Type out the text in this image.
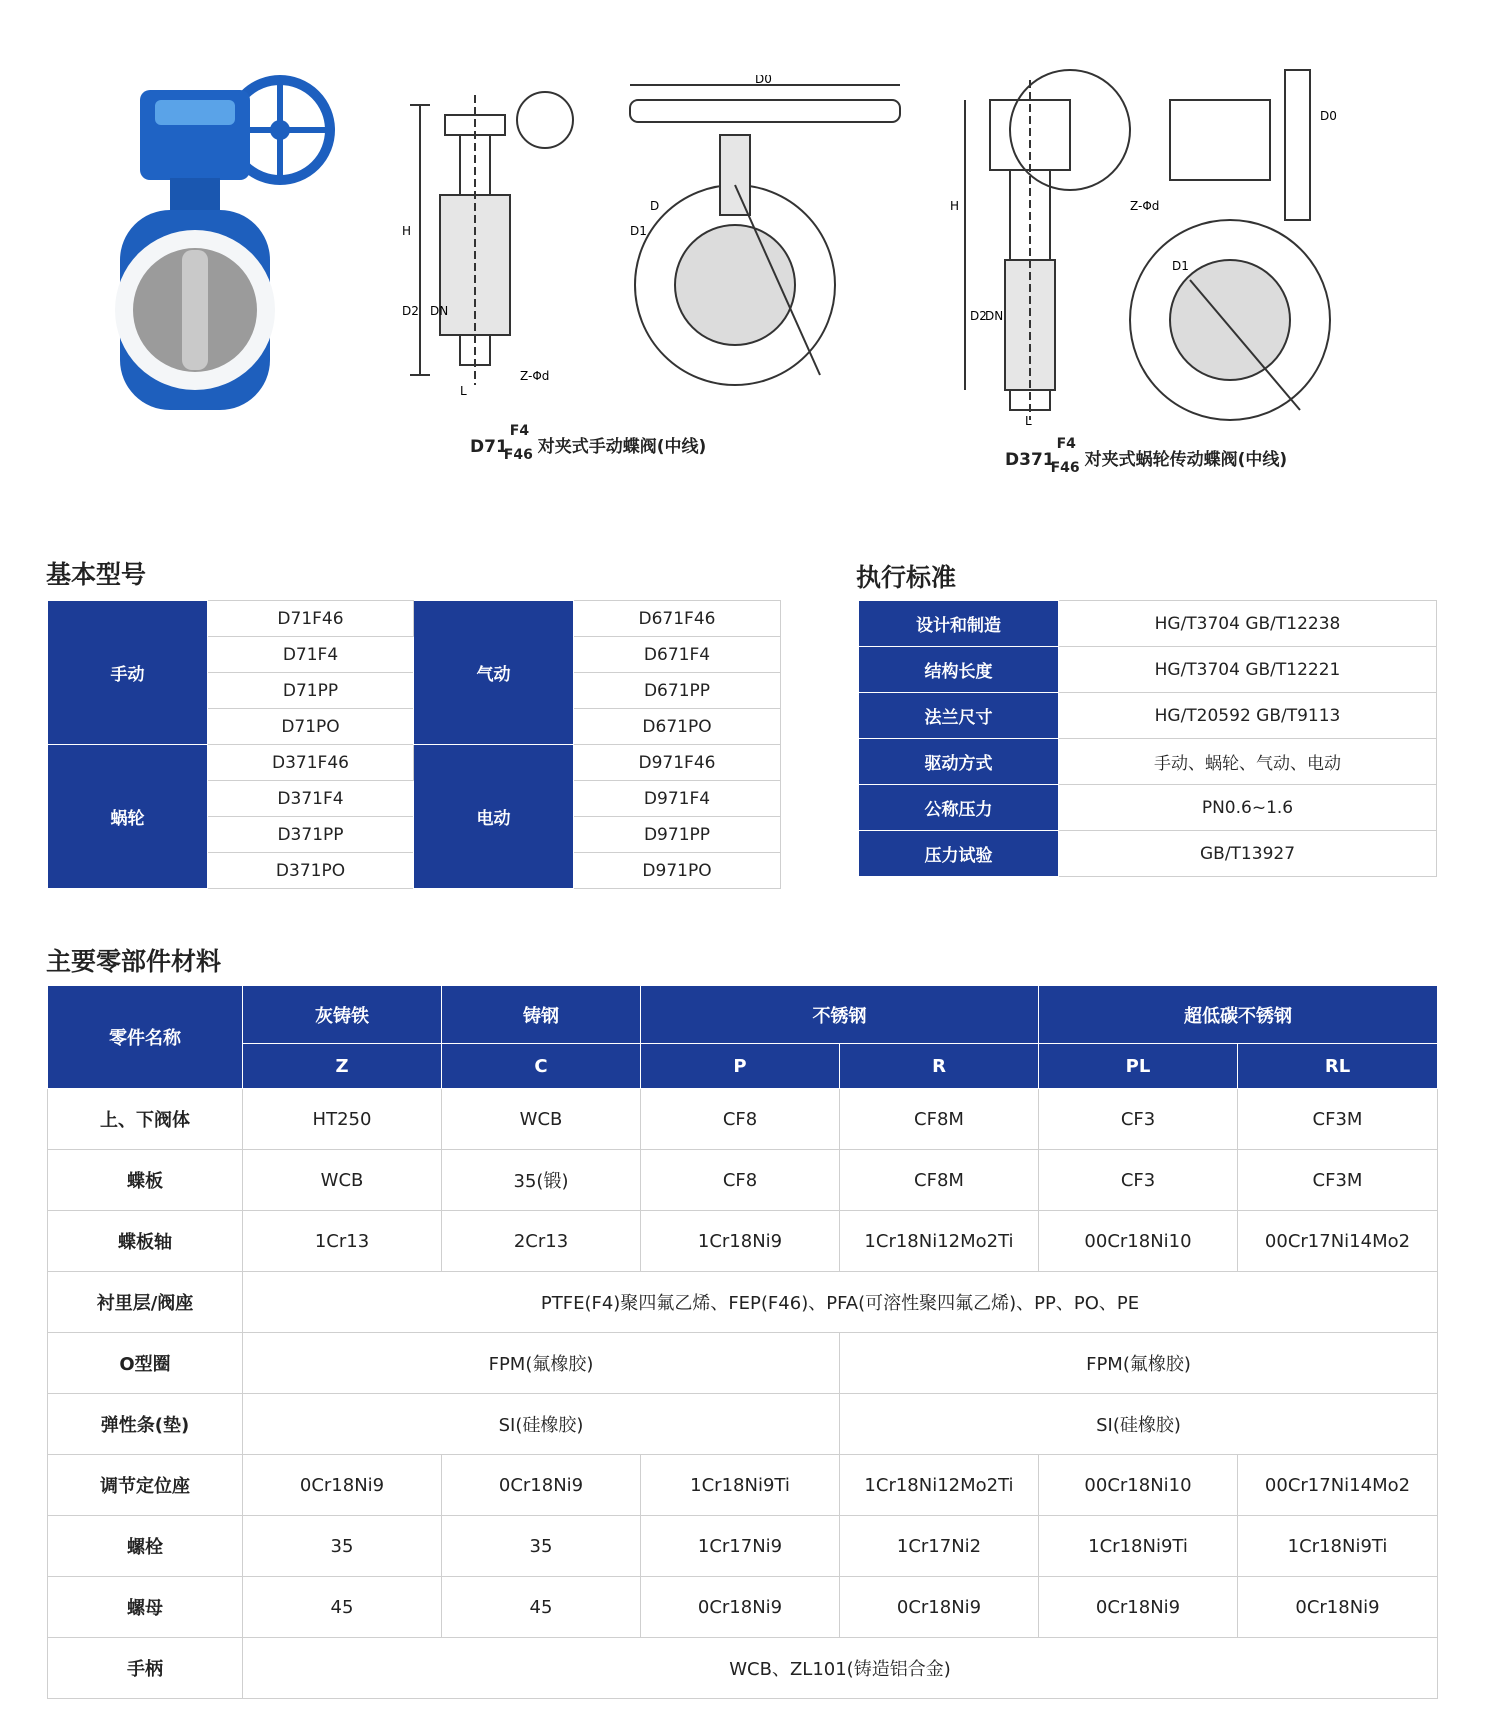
H
D2 DN
L
D0
D
D1
Z-Φd
D71
F4
F46 对夹式手动蝶阀(中线)
H
D2
DN
L
D0
D1
Z-Φd
D371
F4
F46 对夹式蜗轮传动蝶阀(中线)
基本型号
手动	D71F46	气动	D671F46
	D71F4		D671F4
	D71PP		D671PP
	D71PO		D671PO
蜗轮	D371F46	电动	D971F46
	D371F4		D971F4
	D371PP		D971PP
	D371PO		D971PO
执行标准
设计和制造	HG/T3704 GB/T12238
结构长度	HG/T3704 GB/T12221
法兰尺寸	HG/T20592 GB/T9113
驱动方式	手动、蜗轮、气动、电动
公称压力	PN0.6~1.6
压力试验	GB/T13927
主要零部件材料
零件名称	灰铸铁	铸钢	不锈钢		超低碳不锈钢	
	Z	C	P	R	PL	RL
上、下阀体	HT250	WCB	CF8	CF8M	CF3	CF3M
蝶板	WCB	35(锻)	CF8	CF8M	CF3	CF3M
蝶板轴	1Cr13	2Cr13	1Cr18Ni9	1Cr18Ni12Mo2Ti	00Cr18Ni10	00Cr17Ni14Mo2
衬里层/阀座	PTFE(F4)聚四氟乙烯、FEP(F46)、PFA(可溶性聚四氟乙烯)、PP、PO、PE					
O型圈	FPM(氟橡胶)			FPM(氟橡胶)		
弹性条(垫)	SI(硅橡胶)			SI(硅橡胶)		
调节定位座	0Cr18Ni9	0Cr18Ni9	1Cr18Ni9Ti	1Cr18Ni12Mo2Ti	00Cr18Ni10	00Cr17Ni14Mo2
螺栓	35	35	1Cr17Ni9	1Cr17Ni2	1Cr18Ni9Ti	1Cr18Ni9Ti
螺母	45	45	0Cr18Ni9	0Cr18Ni9	0Cr18Ni9	0Cr18Ni9
手柄	WCB、ZL101(铸造铝合金)					
